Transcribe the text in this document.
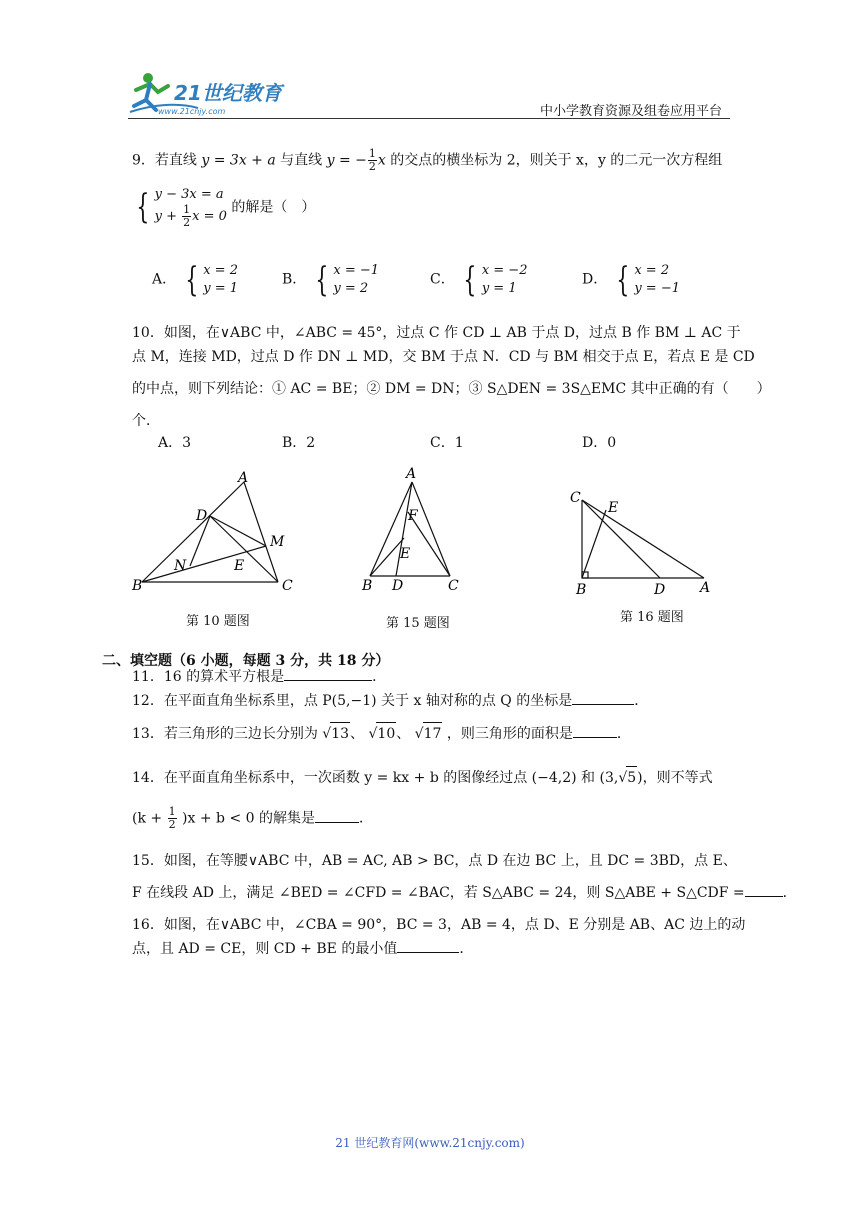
21世纪教育
www.21cnjy.com	中小学教育资源及组卷应用平台
9．若直线 y = 3x + a 与直线 y = − $\frac{1}{2}$ x 的交点的横坐标为 2，则关于 x，y 的二元一次方程组
{ y − 3x = a
$y + \frac{1}{2}$ x = 0
的解是（　）
A． { x = 2
y = 1
B． { x = −1
y = 2
C． { x = −2
y = 1
D． { x = 2
y = −1
10．如图，在∨ABC 中，∠ABC = 45°，过点 C 作 CD ⊥ AB 于点 D，过点 B 作 BM ⊥ AC 于
点 M，连接 MD，过点 D 作 DN ⊥ MD，交 BM 于点 N．CD 与 BM 相交于点 E，若点 E 是 CD
的中点，则下列结论：① AC = BE；② DM = DN；③ S△DEN = 3S△EMC 其中正确的有（　　）
个．
A．3	B．2	C．1	D．0
A
D
M
N	E
B	C
第 10 题图
A
F
E
B D	C
第 15 题图
C
E
B	D A
第 16 题图
二、填空题（6 小题，每题 3 分，共 18 分）
11．16 的算术平方根是	．
12．在平面直角坐标系里，点 P(5,−1) 关于 x 轴对称的点 Q 的坐标是	．
13．若三角形的三边长分别为 √13、 √10、 √17 ，则三角形的面积是	．
14．在平面直角坐标系中，一次函数 y = kx + b 的图像经过点 (−4,2) 和 (3,√5)，则不等式
$(k + \frac{1}{2} )x + b < 0$ 的解集是	．
15．如图，在等腰∨ABC 中，AB = AC, AB > BC，点 D 在边 BC 上，且 DC = 3BD，点 E、
F 在线段 AD 上，满足 ∠BED = ∠CFD = ∠BAC，若 S△ABC = 24，则 S△ABE + S△CDF =	．
16．如图，在∨ABC 中，∠CBA = 90°，BC = 3，AB = 4，点 D、E 分别是 AB、AC 边上的动
点，且 AD = CE，则 CD + BE 的最小值	．
21 世纪教育网(www.21cnjy.com)
